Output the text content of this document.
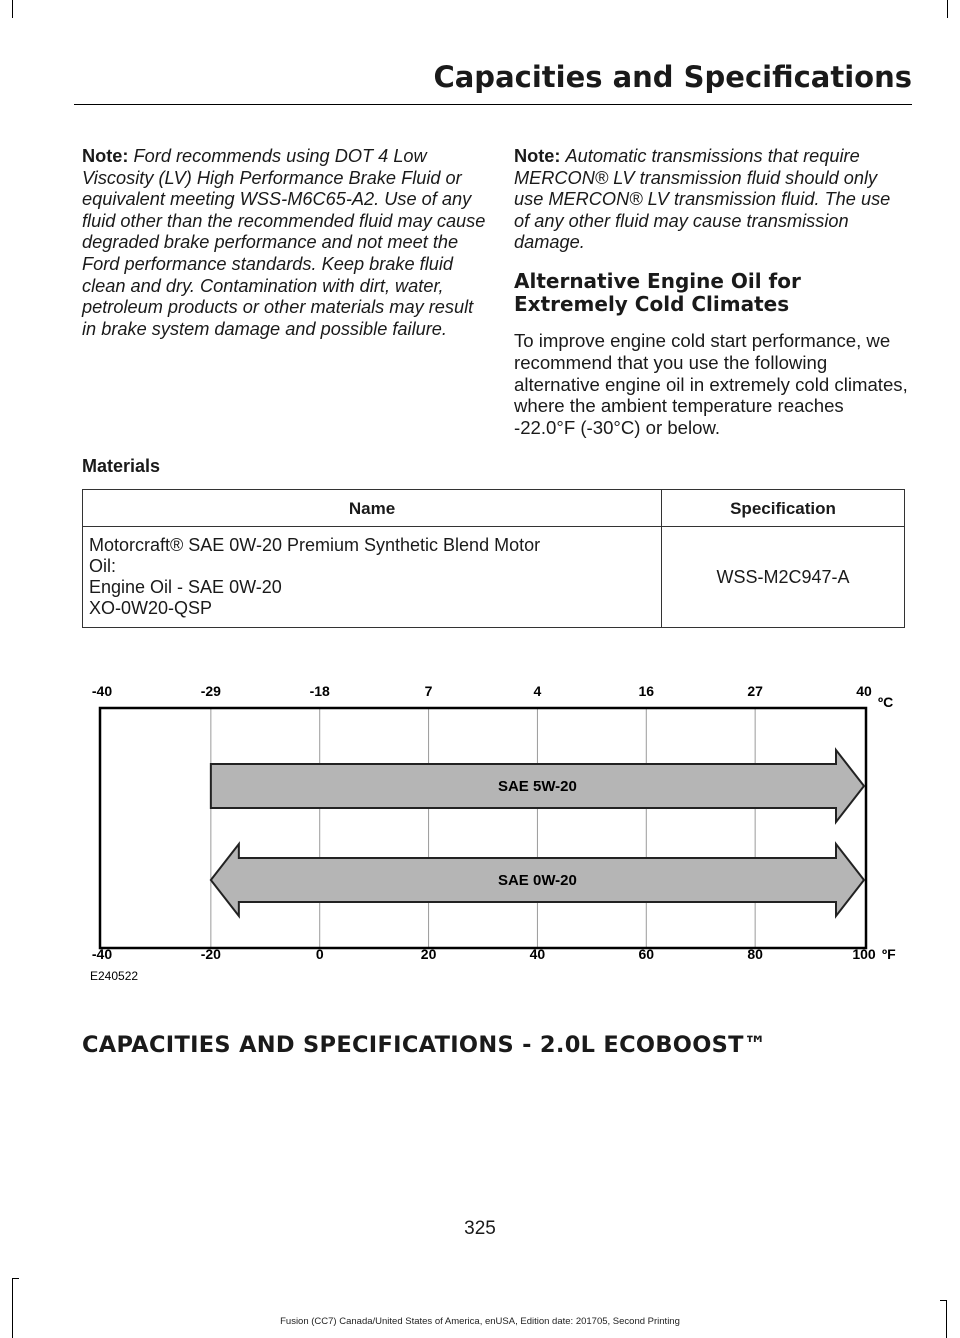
Capacities and Specifications

Note: Ford recommends using DOT 4 Low Viscosity (LV) High Performance Brake Fluid or equivalent meeting WSS-M6C65-A2. Use of any fluid other than the recommended fluid may cause degraded brake performance and not meet the Ford performance standards. Keep brake fluid clean and dry. Contamination with dirt, water, petroleum products or other materials may result in brake system damage and possible failure.

Note: Automatic transmissions that require MERCON® LV transmission fluid should only use MERCON® LV transmission fluid. The use of any other fluid may cause transmission damage.

Alternative Engine Oil for Extremely Cold Climates

To improve engine cold start performance, we recommend that you use the following alternative engine oil in extremely cold climates, where the ambient temperature reaches -22.0°F (-30°C) or below.

Materials
Name	Specification

Motorcraft® SAE 0W-20 Premium Synthetic Blend Motor
Oil:
Engine Oil - SAE 0W-20
XO-0W20-QSP	WSS-M2C947-A
SAE 5W-20
SAE 0W-20
-40	-29	-18	7	4	16	27	40
-40	-20	0	20	40	60	80	100
ºC
ºF
E240522
CAPACITIES AND SPECIFICATIONS - 2.0L ECOBOOST™
325
Fusion (CC7) Canada/United States of America, enUSA, Edition date: 201705, Second Printing
